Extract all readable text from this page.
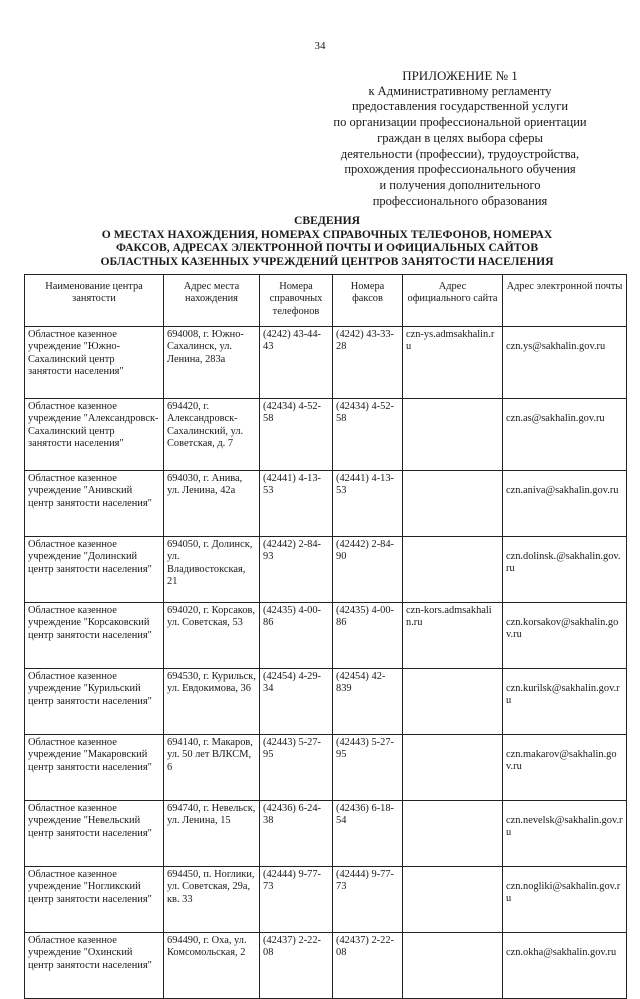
34
ПРИЛОЖЕНИЕ № 1
к Административному регламенту
предоставления государственной услуги
по организации профессиональной ориентации
граждан в целях выбора сферы
деятельности (профессии), трудоустройства,
прохождения профессионального обучения
и получения дополнительного
профессионального образования
СВЕДЕНИЯ
О МЕСТАХ НАХОЖДЕНИЯ, НОМЕРАХ СПРАВОЧНЫХ ТЕЛЕФОНОВ, НОМЕРАХ
ФАКСОВ, АДРЕСАХ ЭЛЕКТРОННОЙ ПОЧТЫ И ОФИЦИАЛЬНЫХ САЙТОВ
ОБЛАСТНЫХ КАЗЕННЫХ УЧРЕЖДЕНИЙ ЦЕНТРОВ ЗАНЯТОСТИ НАСЕЛЕНИЯ
Наименование центра занятости	Адрес места нахождения	Номера справочных телефонов	Номера факсов	Адрес официального сайта	Адрес электронной почты
Областное казенное учреждение "Южно-Сахалинский центр занятости населения"	694008, г. Южно-Сахалинск, ул. Ленина, 283а	(4242) 43-44-43	(4242) 43-33-28	czn-ys.admsakhalin.ru	czn.ys@sakhalin.gov.ru
Областное казенное учреждение "Александровск-Сахалинский центр занятости населения"	694420, г. Александровск-Сахалинский, ул. Советская, д. 7	(42434) 4-52-58	(42434) 4-52-58		czn.as@sakhalin.gov.ru
Областное казенное учреждение "Анивский центр занятости населения"	694030, г. Анива, ул. Ленина, 42а	(42441) 4-13-53	(42441) 4-13-53		czn.aniva@sakhalin.gov.ru
Областное казенное учреждение "Долинский центр занятости населения"	694050, г. Долинск, ул. Владивостокская, 21	(42442) 2-84-93	(42442) 2-84-90		czn.dolinsk.@sakhalin.gov.ru
Областное казенное учреждение "Корсаковский центр занятости населения"	694020, г. Корсаков, ул. Советская, 53	(42435) 4-00-86	(42435) 4-00-86	czn-kors.admsakhalin.ru	czn.korsakov@sakhalin.gov.ru
Областное казенное учреждение "Курильский центр занятости населения"	694530, г. Курильск, ул. Евдокимова, 36	(42454) 4-29-34	(42454) 42-839		czn.kurilsk@sakhalin.gov.ru
Областное казенное учреждение "Макаровский центр занятости населения"	694140, г. Макаров, ул. 50 лет ВЛКСМ, 6	(42443) 5-27-95	(42443) 5-27-95		czn.makarov@sakhalin.gov.ru
Областное казенное учреждение "Невельский центр занятости населения"	694740, г. Невельск, ул. Ленина, 15	(42436) 6-24-38	(42436) 6-18-54		czn.nevelsk@sakhalin.gov.ru
Областное казенное учреждение "Ногликский центр занятости населения"	694450, п. Ноглики, ул. Советская, 29а, кв. 33	(42444) 9-77-73	(42444) 9-77-73		czn.nogliki@sakhalin.gov.ru
Областное казенное учреждение "Охинский центр занятости населения"	694490, г. Оха, ул. Комсомольская, 2	(42437) 2-22-08	(42437) 2-22-08		czn.okha@sakhalin.gov.ru
